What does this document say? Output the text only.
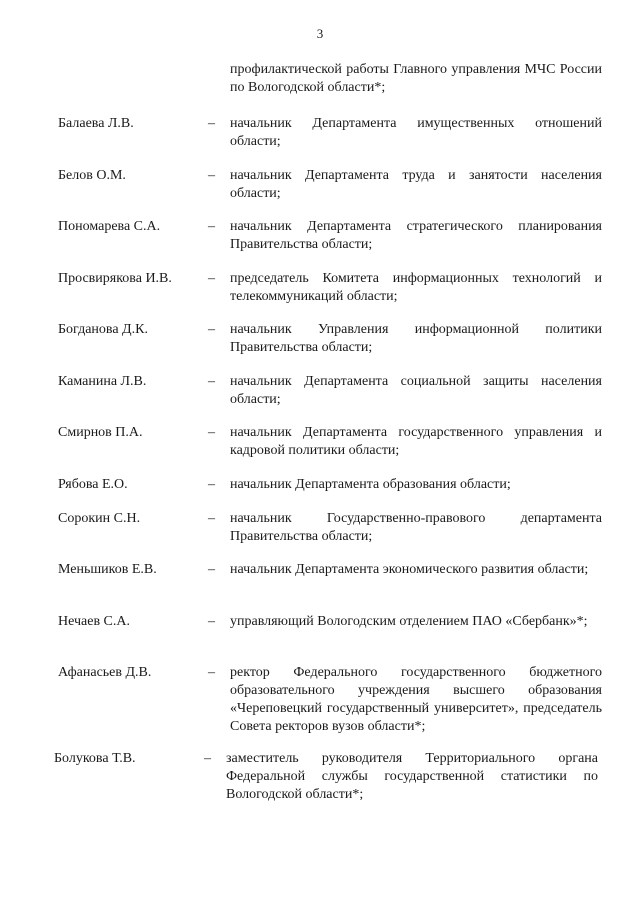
3
профилактической работы Главного управления МЧС России по Вологодской области*;
Балаева Л.В.	– начальник Департамента имущественных отношений области;
Белов О.М.	– начальник Департамента труда и занятости населения области;
Пономарева С.А.	– начальник Департамента стратегического планирования Правительства области;
Просвирякова И.В.	– председатель Комитета информационных технологий и телекоммуникаций области;
Богданова Д.К.	– начальник Управления информационной политики Правительства области;
Каманина Л.В.	– начальник Департамента социальной защиты населения области;
Смирнов П.А.	– начальник Департамента государственного управления и кадровой политики области;
Рябова Е.О.	– начальник Департамента образования области;
Сорокин С.Н.	– начальник Государственно-правового департамента Правительства области;
Меньшиков Е.В.	– начальник Департамента экономического развития области;
Нечаев С.А.	– управляющий Вологодским отделением ПАО «Сбербанк»*;
Афанасьев Д.В.	– ректор Федерального государственного бюджетного образовательного учреждения высшего образования «Череповецкий государственный университет», председатель Совета ректоров вузов области*;
Болукова Т.В.	– заместитель руководителя Территориального органа Федеральной службы государственной статистики по Вологодской области*;
